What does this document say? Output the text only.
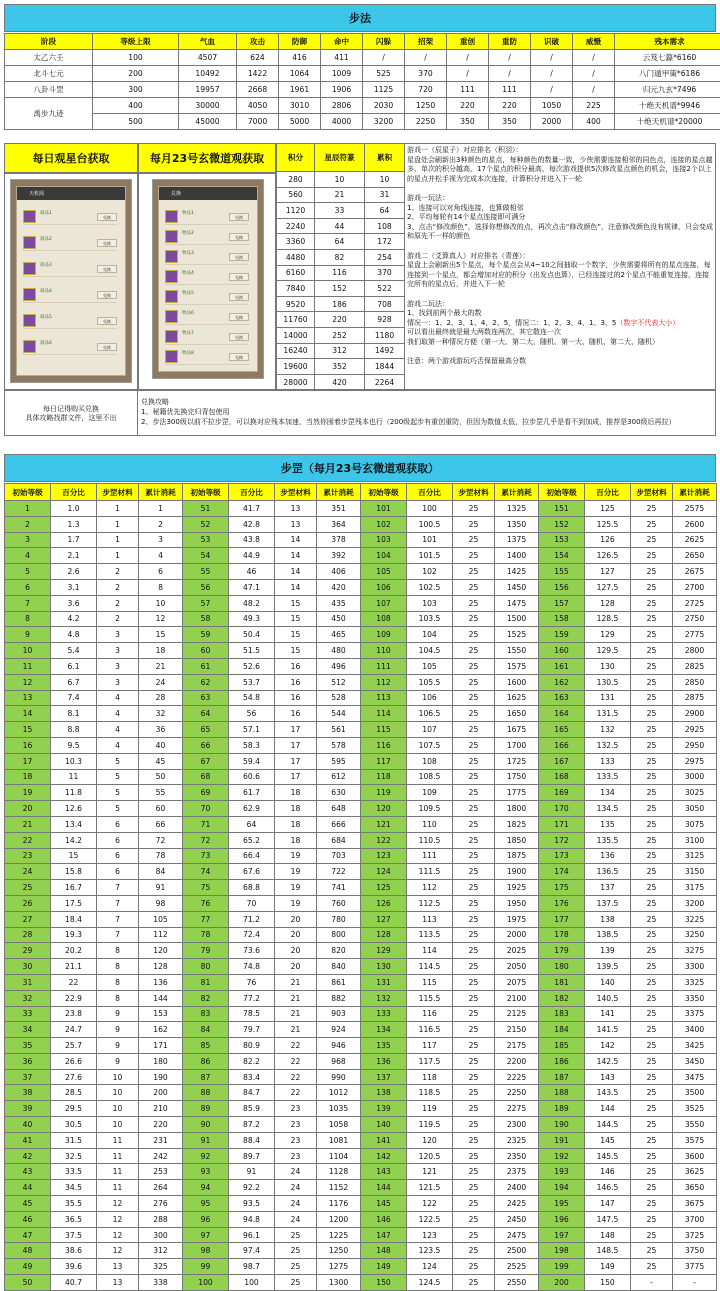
步法
阶段	等级上限	气血	攻击	防御	命中	闪躲	招架	重创	重防	识破	威慑	残本需求
太乙六壬	100	4507	624	416	411	/	/	/	/	/	/	云笈七籙*6160
北斗七元	200	10492	1422	1064	1009	525	370	/	/	/	/	八门遁甲策*6186
八卦斗罡	300	19957	2668	1961	1906	1125	720	111	111	/	/	归元九玄*7496
禹步九迹	400	30000	4050	3010	2806	2030	1250	220	220	1050	225	十绝天机谱*9946
	500	45000	7000	5000	4000	3200	2250	350	350	2000	400	十绝天机谱*20000
每日观星台获取	每月23号玄微道观获取
天机阁
商品1
兑换
商品2
兑换
商品3
兑换
商品4
兑换
商品5
兑换
商品6
兑换
兑换
物品1
兑换
物品2
兑换
物品3
兑换
物品4
兑换
物品5
兑换
物品6
兑换
物品7
兑换
物品8
兑换
积分	星辰符篆	累积
280	10	10
560	21	31
1120	33	64
2240	44	108
3360	64	172
4480	82	254
6160	116	370
7840	152	522
9520	186	708
11760	220	928
14000	252	1180
16240	312	1492
19600	352	1844
28000	420	2264

游戏一（辰星子）对应排名（积羽）：

星盘处会刷新出3种颜色的星点，每种颜色的数量一致，少侠需要连接相邻的同色点，连接的星点越多，单次的积分越高，17个星点的积分最高，每次游戏提供5次修改星点颜色的机会，连接2个以上的星点并松手视为完成本次连接，计算积分并进入下一轮

游戏一玩法：

1、连接可以对角线连接，也算做相邻

2、平均每轮有14个星点连接即可满分

3、点击“修改颜色”，选择你想修改的点，再次点击“修改颜色”，注意修改颜色没有规律，只会变成和原先不一样的颜色

游戏二（爻算真人）对应排名（青莲）：

星盘上会刷新出5个星点，每个星点会从4~10之间抽取一个数字，少侠需要将所有的星点连接，每连接到一个星点，都会增加对应的积分（出发点也算），已经连接过的2个星点不能重复连接，连接完所有的星点后，并进入下一轮

游戏二玩法：

1、找到前两个最大的数

情况一：1、2、3、1、4、2、5，情况二：1、2、3、4、1、3、5（数字不代表大小）

可以看出最终就是最大两数连两次，其它散连一次

我们取第一种情况方便（第一大、第二大、随机、第一大、随机、第二大、随机）

注意：两个游戏游玩巧舌保留最高分数

每日记得购买兑换
具体攻略找群文件，这里不出
兑换攻略
1、秘籍优先换完归背包使用
2、步法300级以前不拉步罡，可以换对应残本加速，当然你囤着步罡残本也行（200级起步有重创重防，但因为数值太低，拉步罡几乎是看不到加成，推荐是300级后再拉）
步罡（每月23号玄微道观获取）
初始等级	百分比	步罡材料	累计消耗	初始等级	百分比	步罡材料	累计消耗	初始等级	百分比	步罡材料	累计消耗	初始等级	百分比	步罡材料	累计消耗
1	1.0	1	1	51	41.7	13	351	101	100	25	1325	151	125	25	2575
2	1.3	1	2	52	42.8	13	364	102	100.5	25	1350	152	125.5	25	2600
3	1.7	1	3	53	43.8	14	378	103	101	25	1375	153	126	25	2625
4	2.1	1	4	54	44.9	14	392	104	101.5	25	1400	154	126.5	25	2650
5	2.6	2	6	55	46	14	406	105	102	25	1425	155	127	25	2675
6	3.1	2	8	56	47.1	14	420	106	102.5	25	1450	156	127.5	25	2700
7	3.6	2	10	57	48.2	15	435	107	103	25	1475	157	128	25	2725
8	4.2	2	12	58	49.3	15	450	108	103.5	25	1500	158	128.5	25	2750
9	4.8	3	15	59	50.4	15	465	109	104	25	1525	159	129	25	2775
10	5.4	3	18	60	51.5	15	480	110	104.5	25	1550	160	129.5	25	2800
11	6.1	3	21	61	52.6	16	496	111	105	25	1575	161	130	25	2825
12	6.7	3	24	62	53.7	16	512	112	105.5	25	1600	162	130.5	25	2850
13	7.4	4	28	63	54.8	16	528	113	106	25	1625	163	131	25	2875
14	8.1	4	32	64	56	16	544	114	106.5	25	1650	164	131.5	25	2900
15	8.8	4	36	65	57.1	17	561	115	107	25	1675	165	132	25	2925
16	9.5	4	40	66	58.3	17	578	116	107.5	25	1700	166	132.5	25	2950
17	10.3	5	45	67	59.4	17	595	117	108	25	1725	167	133	25	2975
18	11	5	50	68	60.6	17	612	118	108.5	25	1750	168	133.5	25	3000
19	11.8	5	55	69	61.7	18	630	119	109	25	1775	169	134	25	3025
20	12.6	5	60	70	62.9	18	648	120	109.5	25	1800	170	134.5	25	3050
21	13.4	6	66	71	64	18	666	121	110	25	1825	171	135	25	3075
22	14.2	6	72	72	65.2	18	684	122	110.5	25	1850	172	135.5	25	3100
23	15	6	78	73	66.4	19	703	123	111	25	1875	173	136	25	3125
24	15.8	6	84	74	67.6	19	722	124	111.5	25	1900	174	136.5	25	3150
25	16.7	7	91	75	68.8	19	741	125	112	25	1925	175	137	25	3175
26	17.5	7	98	76	70	19	760	126	112.5	25	1950	176	137.5	25	3200
27	18.4	7	105	77	71.2	20	780	127	113	25	1975	177	138	25	3225
28	19.3	7	112	78	72.4	20	800	128	113.5	25	2000	178	138.5	25	3250
29	20.2	8	120	79	73.6	20	820	129	114	25	2025	179	139	25	3275
30	21.1	8	128	80	74.8	20	840	130	114.5	25	2050	180	139.5	25	3300
31	22	8	136	81	76	21	861	131	115	25	2075	181	140	25	3325
32	22.9	8	144	82	77.2	21	882	132	115.5	25	2100	182	140.5	25	3350
33	23.8	9	153	83	78.5	21	903	133	116	25	2125	183	141	25	3375
34	24.7	9	162	84	79.7	21	924	134	116.5	25	2150	184	141.5	25	3400
35	25.7	9	171	85	80.9	22	946	135	117	25	2175	185	142	25	3425
36	26.6	9	180	86	82.2	22	968	136	117.5	25	2200	186	142.5	25	3450
37	27.6	10	190	87	83.4	22	990	137	118	25	2225	187	143	25	3475
38	28.5	10	200	88	84.7	22	1012	138	118.5	25	2250	188	143.5	25	3500
39	29.5	10	210	89	85.9	23	1035	139	119	25	2275	189	144	25	3525
40	30.5	10	220	90	87.2	23	1058	140	119.5	25	2300	190	144.5	25	3550
41	31.5	11	231	91	88.4	23	1081	141	120	25	2325	191	145	25	3575
42	32.5	11	242	92	89.7	23	1104	142	120.5	25	2350	192	145.5	25	3600
43	33.5	11	253	93	91	24	1128	143	121	25	2375	193	146	25	3625
44	34.5	11	264	94	92.2	24	1152	144	121.5	25	2400	194	146.5	25	3650
45	35.5	12	276	95	93.5	24	1176	145	122	25	2425	195	147	25	3675
46	36.5	12	288	96	94.8	24	1200	146	122.5	25	2450	196	147.5	25	3700
47	37.5	12	300	97	96.1	25	1225	147	123	25	2475	197	148	25	3725
48	38.6	12	312	98	97.4	25	1250	148	123.5	25	2500	198	148.5	25	3750
49	39.6	13	325	99	98.7	25	1275	149	124	25	2525	199	149	25	3775
50	40.7	13	338	100	100	25	1300	150	124.5	25	2550	200	150	-	-
